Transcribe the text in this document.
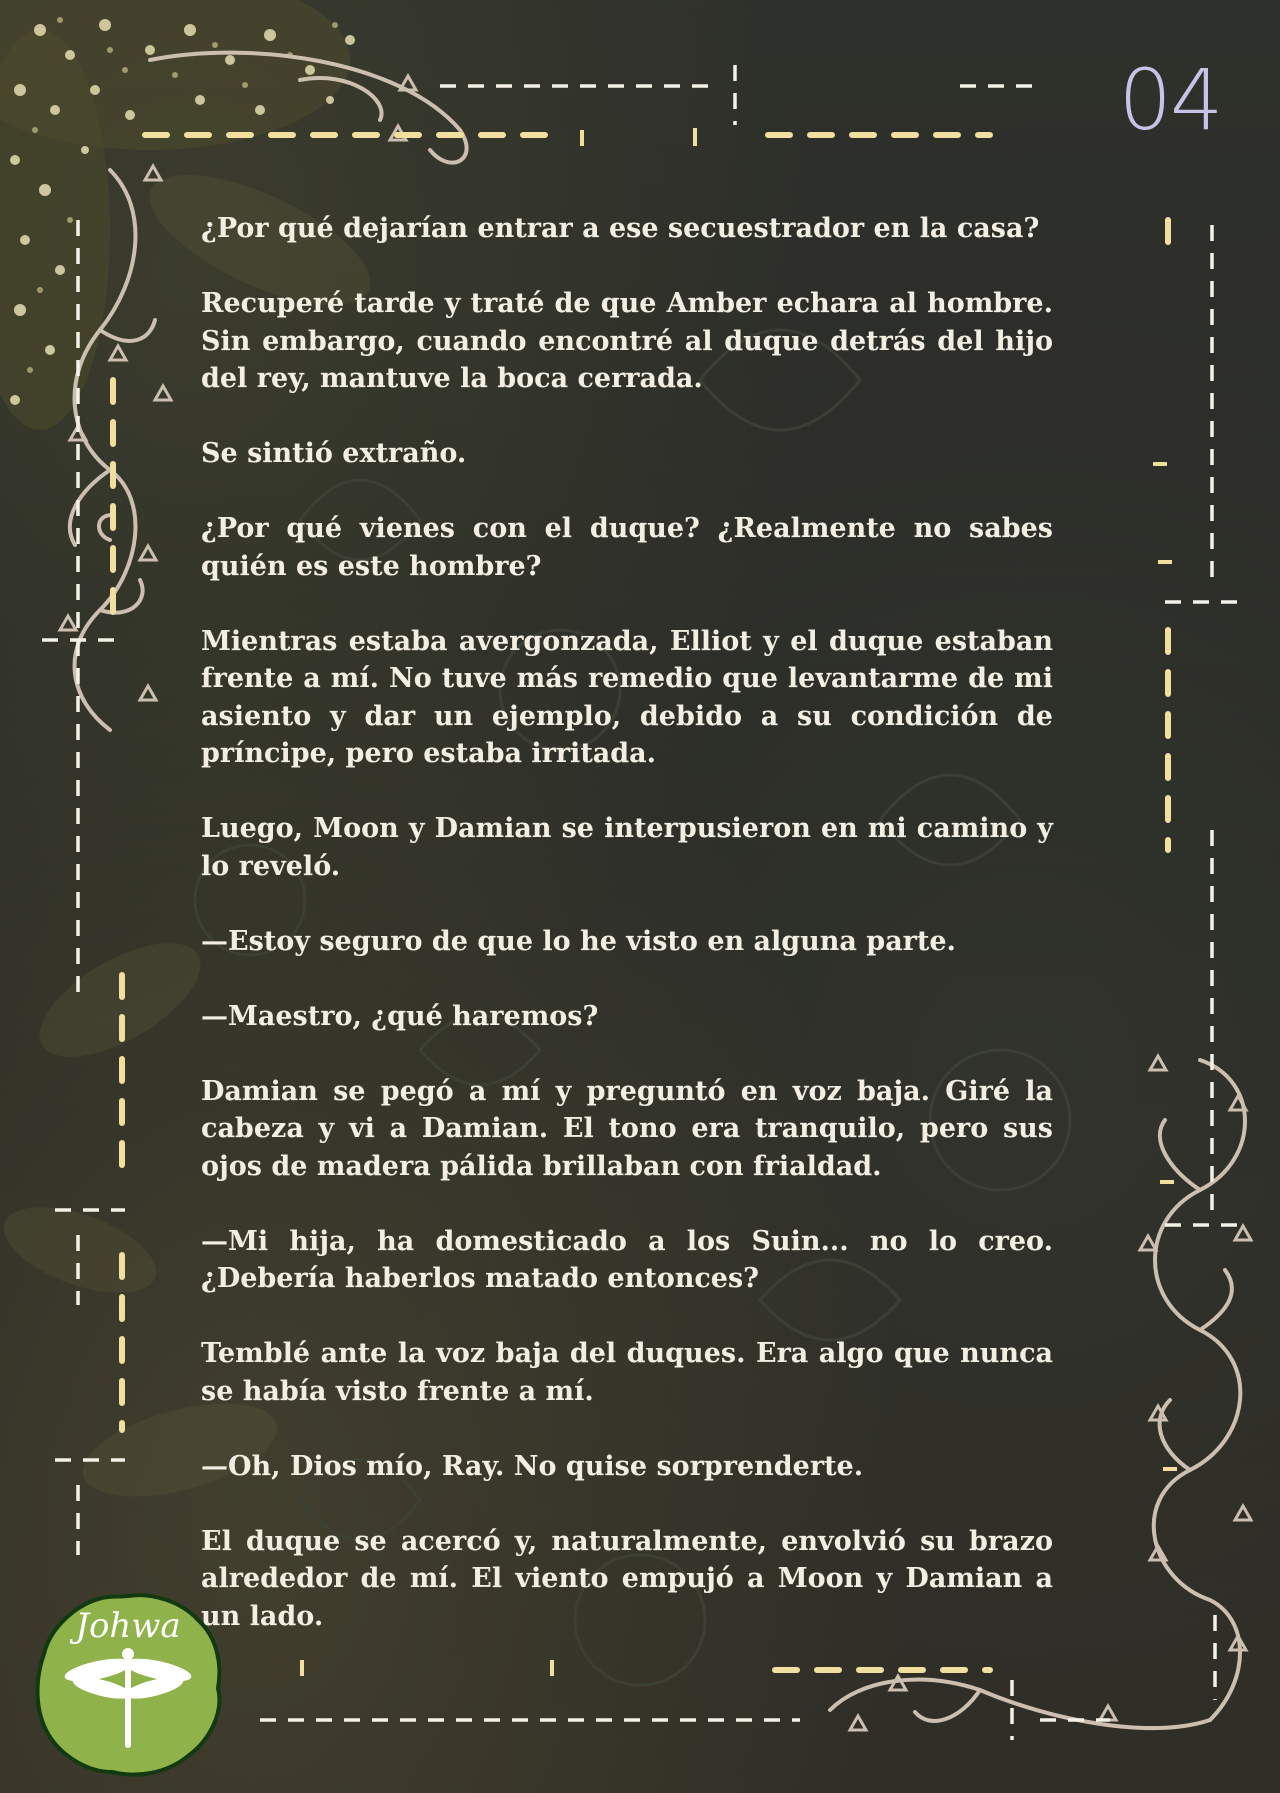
04

¿Por qué dejarían entrar a ese secuestrador en la casa?

Recuperé tarde y traté de que Amber echara al hombre. Sin embargo, cuando encontré al duque detrás del hijo del rey, mantuve la boca cerrada.

Se sintió extraño.

¿Por qué vienes con el duque? ¿Realmente no sabes quién es este hombre?

Mientras estaba avergonzada, Elliot y el duque estaban frente a mí. No tuve más remedio que levantarme de mi asiento y dar un ejemplo, debido a su condición de príncipe, pero estaba irritada.

Luego, Moon y Damian se interpusieron en mi camino y lo reveló.

—Estoy seguro de que lo he visto en alguna parte.

—Maestro, ¿qué haremos?

Damian se pegó a mí y preguntó en voz baja. Giré la cabeza y vi a Damian. El tono era tranquilo, pero sus ojos de madera pálida brillaban con frialdad.

—Mi hija, ha domesticado a los Suin... no lo creo. ¿Debería haberlos matado entonces?

Temblé ante la voz baja del duques. Era algo que nunca se había visto frente a mí.

—Oh, Dios mío, Ray. No quise sorprenderte.

El duque se acercó y, naturalmente, envolvió su brazo alrededor de mí. El viento empujó a Moon y Damian a un lado.

Johwa
